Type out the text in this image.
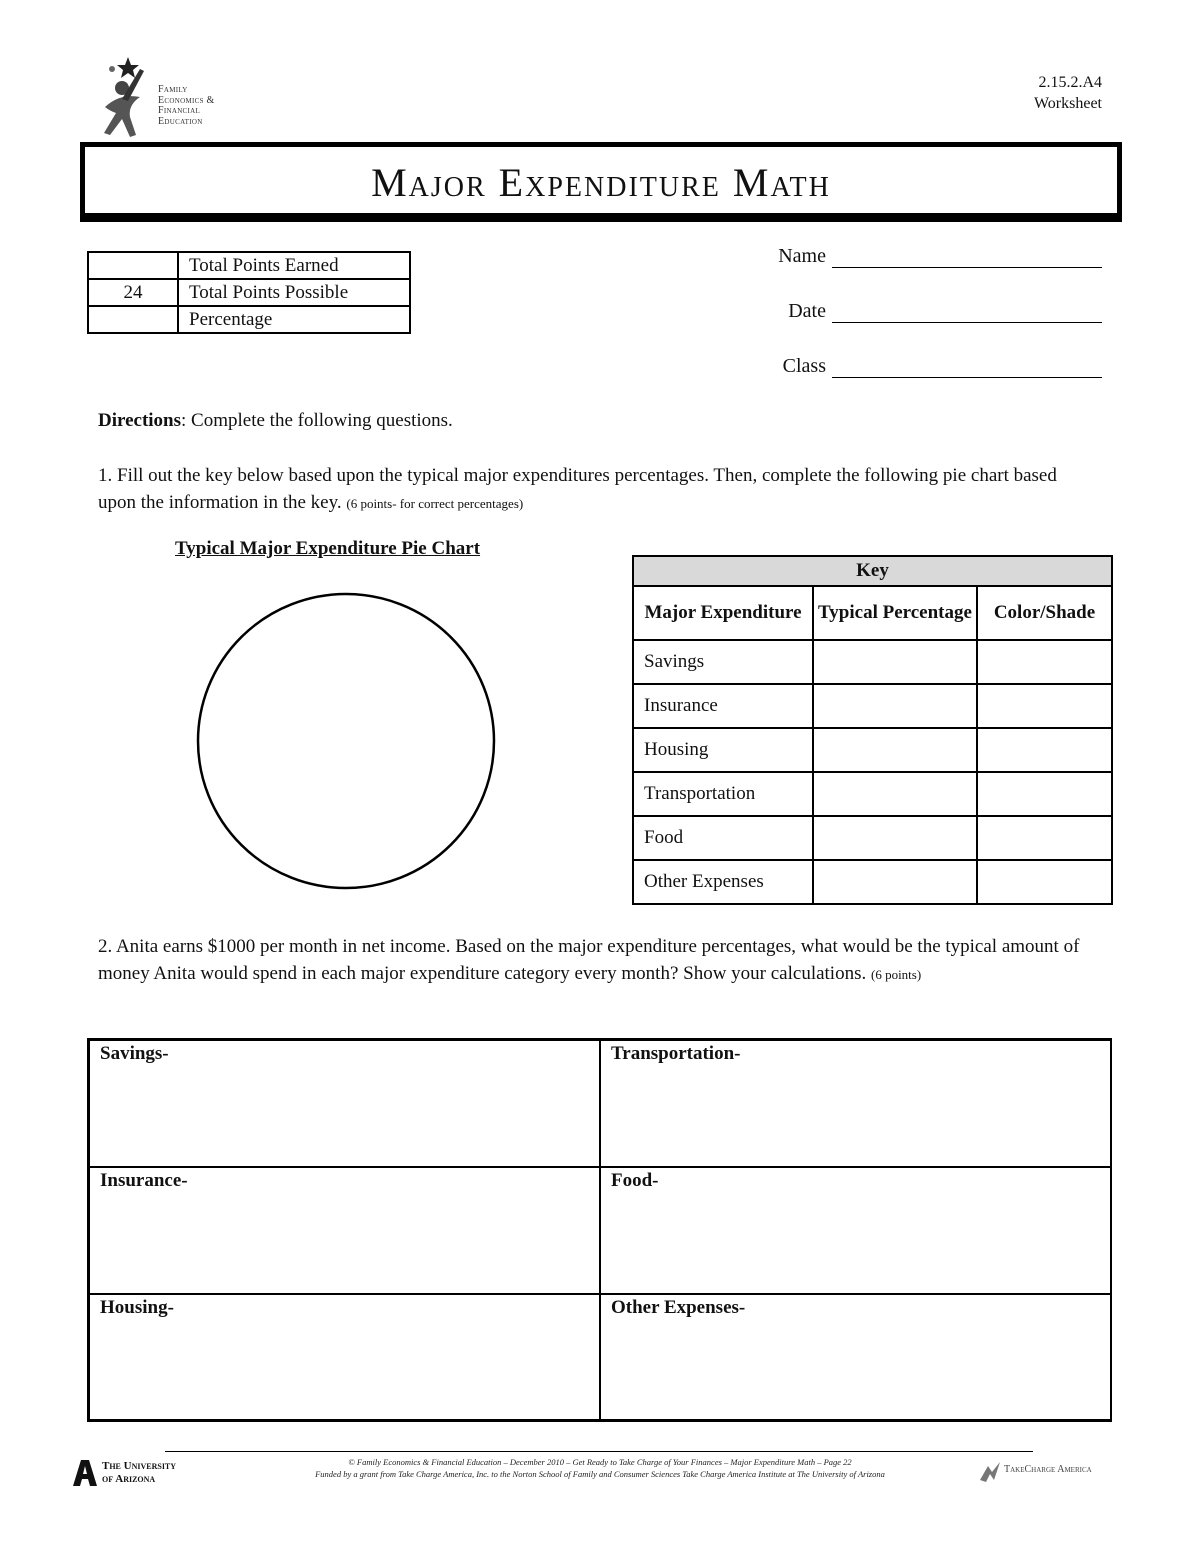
Family
Economics &
Financial
Education
2.15.2.A4
Worksheet
Major Expenditure Math
	Total Points Earned
24	Total Points Possible
	Percentage
Name
Date
Class
Directions: Complete the following questions.
1. Fill out the key below based upon the typical major expenditures percentages. Then, complete the following pie chart based upon the information in the key. (6 points- for correct percentages)
Typical Major Expenditure Pie Chart
Key		
Major Expenditure	Typical Percentage	Color/Shade
Savings		
Insurance		
Housing		
Transportation		
Food		
Other Expenses		
2. Anita earns $1000 per month in net income. Based on the major expenditure percentages, what would be the typical amount of money Anita would spend in each major expenditure category every month? Show your calculations. (6 points)
Savings-	Transportation-
Insurance-	Food-
Housing-	Other Expenses-
The University
of Arizona
© Family Economics & Financial Education – December 2010 – Get Ready to Take Charge of Your Finances – Major Expenditure Math – Page 22
Funded by a grant from Take Charge America, Inc. to the Norton School of Family and Consumer Sciences Take Charge America Institute at The University of Arizona	TakeCharge America
